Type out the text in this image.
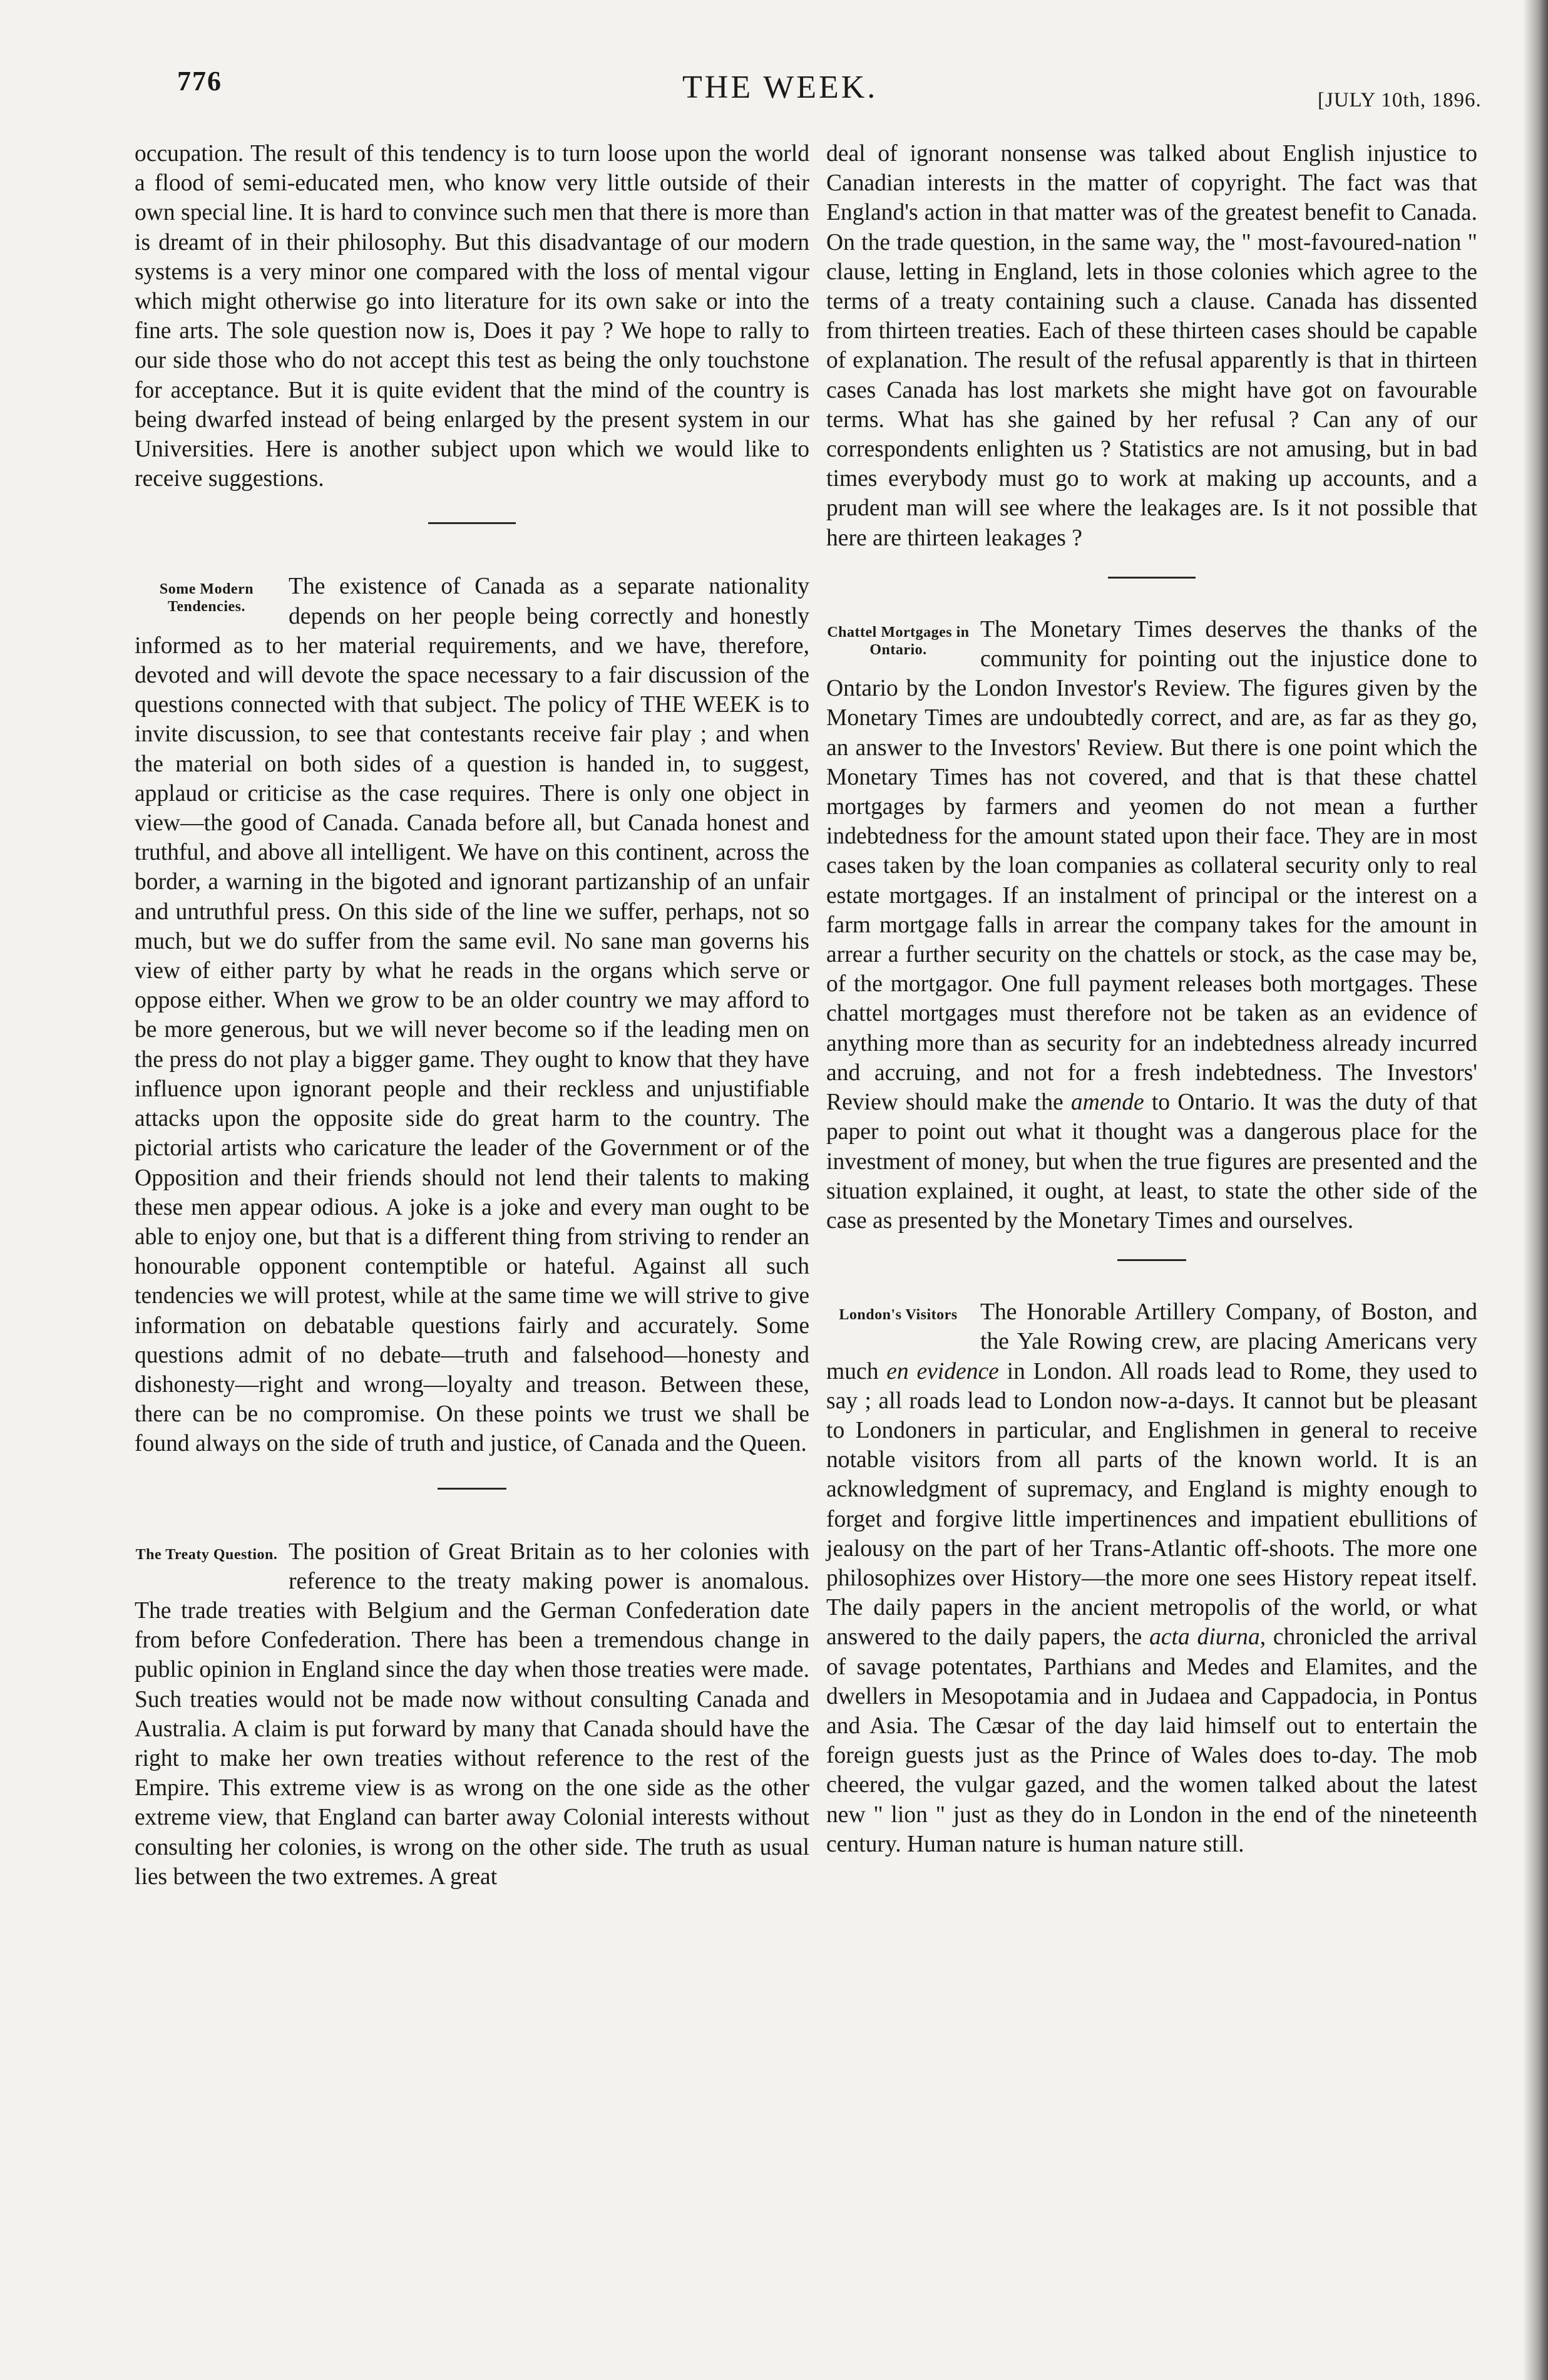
776	THE WEEK.	[JULY 10th, 1896.

occupation. The result of this tendency is to turn loose upon the world a flood of semi-educated men, who know very little outside of their own special line. It is hard to convince such men that there is more than is dreamt of in their philosophy. But this disadvantage of our modern systems is a very minor one compared with the loss of mental vigour which might otherwise go into literature for its own sake or into the fine arts. The sole question now is, Does it pay ? We hope to rally to our side those who do not accept this test as being the only touchstone for acceptance. But it is quite evident that the mind of the country is being dwarfed instead of being enlarged by the present system in our Universities. Here is another subject upon which we would like to receive suggestions.

Some Modern Tendencies.

The existence of Canada as a separate nationality depends on her people being correctly and honestly informed as to her material requirements, and we have, therefore, devoted and will devote the space necessary to a fair discussion of the questions connected with that subject. The policy of THE WEEK is to invite discussion, to see that contestants receive fair play ; and when the material on both sides of a question is handed in, to suggest, applaud or criticise as the case requires. There is only one object in view—the good of Canada. Canada before all, but Canada honest and truthful, and above all intelligent. We have on this continent, across the border, a warning in the bigoted and ignorant partizanship of an unfair and untruthful press. On this side of the line we suffer, perhaps, not so much, but we do suffer from the same evil. No sane man governs his view of either party by what he reads in the organs which serve or oppose either. When we grow to be an older country we may afford to be more generous, but we will never become so if the leading men on the press do not play a bigger game. They ought to know that they have influence upon ignorant people and their reckless and unjustifiable attacks upon the opposite side do great harm to the country. The pictorial artists who caricature the leader of the Government or of the Opposition and their friends should not lend their talents to making these men appear odious. A joke is a joke and every man ought to be able to enjoy one, but that is a different thing from striving to render an honourable opponent contemptible or hateful. Against all such tendencies we will protest, while at the same time we will strive to give information on debatable questions fairly and accurately. Some questions admit of no debate—truth and falsehood—honesty and dishonesty—right and wrong—loyalty and treason. Between these, there can be no compromise. On these points we trust we shall be found always on the side of truth and justice, of Canada and the Queen.

The Treaty Question. The position of Great Britain as to her colonies with reference to the treaty making power is anomalous. The trade treaties with Belgium and the German Confederation date from before Confederation. There has been a tremendous change in public opinion in England since the day when those treaties were made. Such treaties would not be made now without consulting Canada and Australia. A claim is put forward by many that Canada should have the right to make her own treaties without reference to the rest of the Empire. This extreme view is as wrong on the one side as the other extreme view, that England can barter away Colonial interests without consulting her colonies, is wrong on the other side. The truth as usual lies between the two extremes. A great

deal of ignorant nonsense was talked about English injustice to Canadian interests in the matter of copyright. The fact was that England's action in that matter was of the greatest benefit to Canada. On the trade question, in the same way, the " most-favoured-nation " clause, letting in England, lets in those colonies which agree to the terms of a treaty containing such a clause. Canada has dissented from thirteen treaties. Each of these thirteen cases should be capable of explanation. The result of the refusal apparently is that in thirteen cases Canada has lost markets she might have got on favourable terms. What has she gained by her refusal ? Can any of our correspondents enlighten us ? Statistics are not amusing, but in bad times everybody must go to work at making up accounts, and a prudent man will see where the leakages are. Is it not possible that here are thirteen leakages ?

Chattel Mortgages in Ontario.

The Monetary Times deserves the thanks of the community for pointing out the injustice done to Ontario by the London Investor's Review. The figures given by the Monetary Times are undoubtedly correct, and are, as far as they go, an answer to the Investors' Review. But there is one point which the Monetary Times has not covered, and that is that these chattel mortgages by farmers and yeomen do not mean a further indebtedness for the amount stated upon their face. They are in most cases taken by the loan companies as collateral security only to real estate mortgages. If an instalment of principal or the interest on a farm mortgage falls in arrear the company takes for the amount in arrear a further security on the chattels or stock, as the case may be, of the mortgagor. One full payment releases both mortgages. These chattel mortgages must therefore not be taken as an evidence of anything more than as security for an indebtedness already incurred and accruing, and not for a fresh indebtedness. The Investors' Review should make the amende to Ontario. It was the duty of that paper to point out what it thought was a dangerous place for the investment of money, but when the true figures are presented and the situation explained, it ought, at least, to state the other side of the case as presented by the Monetary Times and ourselves.

London's Visitors The Honorable Artillery Company, of Boston, and the Yale Rowing crew, are placing Americans very much en evidence in London. All roads lead to Rome, they used to say ; all roads lead to London now-a-days. It cannot but be pleasant to Londoners in particular, and Englishmen in general to receive notable visitors from all parts of the known world. It is an acknowledgment of supremacy, and England is mighty enough to forget and forgive little impertinences and impatient ebullitions of jealousy on the part of her Trans-Atlantic off-shoots. The more one philosophizes over History—the more one sees History repeat itself. The daily papers in the ancient metropolis of the world, or what answered to the daily papers, the acta diurna, chronicled the arrival of savage potentates, Parthians and Medes and Elamites, and the dwellers in Mesopotamia and in Judaea and Cappadocia, in Pontus and Asia. The Cæsar of the day laid himself out to entertain the foreign guests just as the Prince of Wales does to-day. The mob cheered, the vulgar gazed, and the women talked about the latest new " lion " just as they do in London in the end of the nineteenth century. Human nature is human nature still.
